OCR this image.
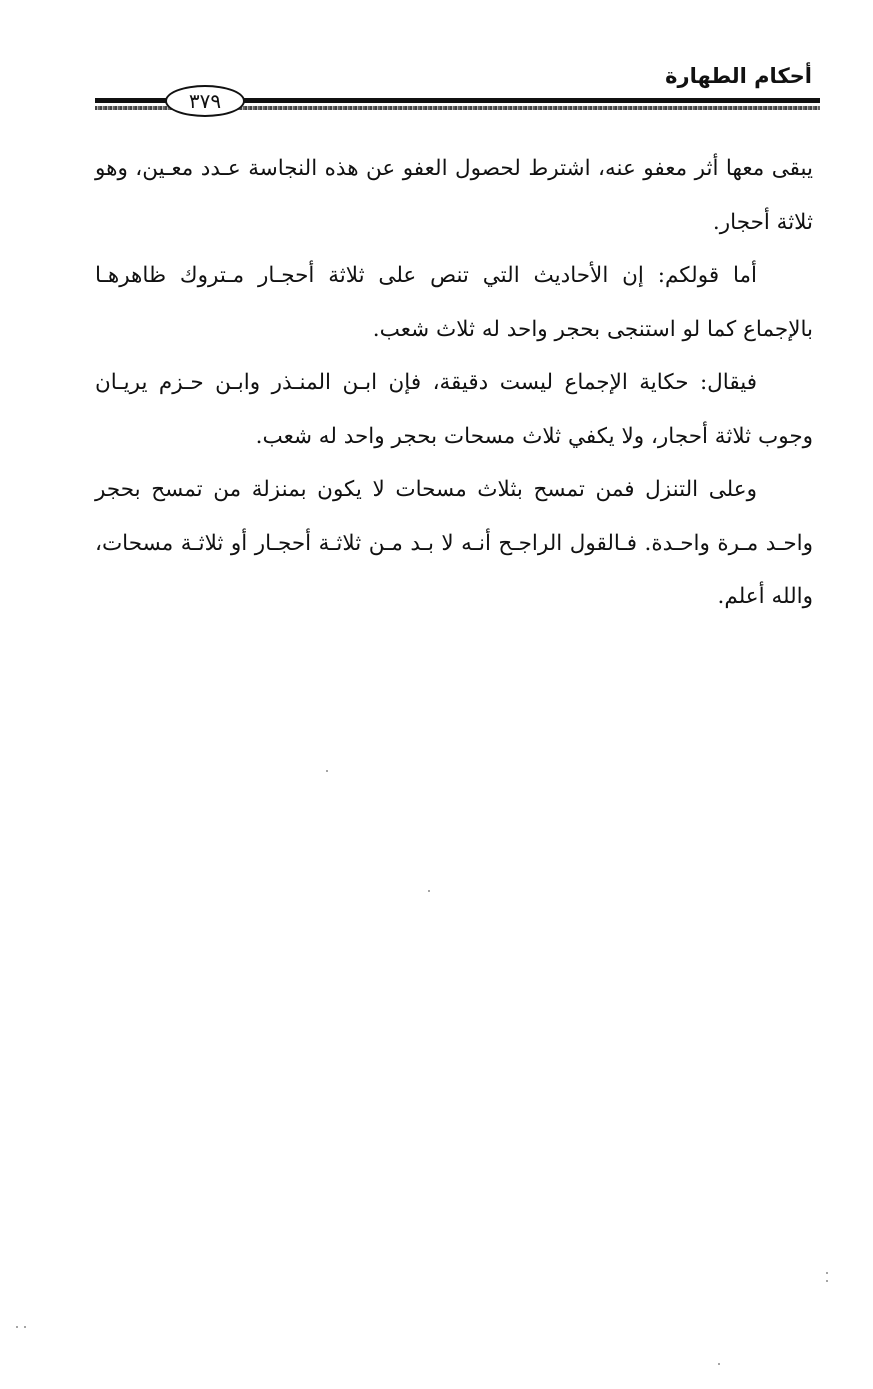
أحكام الطهارة
٣٧٩

يبقى معها أثر معفو عنه، اشترط لحصول العفو عن هذه النجاسة عـدد معـين، وهو ثلاثة أحجار.

أما قولكم: إن الأحاديث التي تنص على ثلاثة أحجـار مـتروك ظاهرهـا بالإجماع كما لو استنجى بحجر واحد له ثلاث شعب.

فيقال: حكاية الإجماع ليست دقيقة، فإن ابـن المنـذر وابـن حـزم يريـان وجوب ثلاثة أحجار، ولا يكفي ثلاث مسحات بحجر واحد له شعب.

وعلى التنزل فمن تمسح بثلاث مسحات لا يكون بمنزلة من تمسح بحجر واحـد مـرة واحـدة. فـالقول الراجـح أنـه لا بـد مـن ثلاثـة أحجـار أو ثلاثـة مسحات، والله أعلم.
